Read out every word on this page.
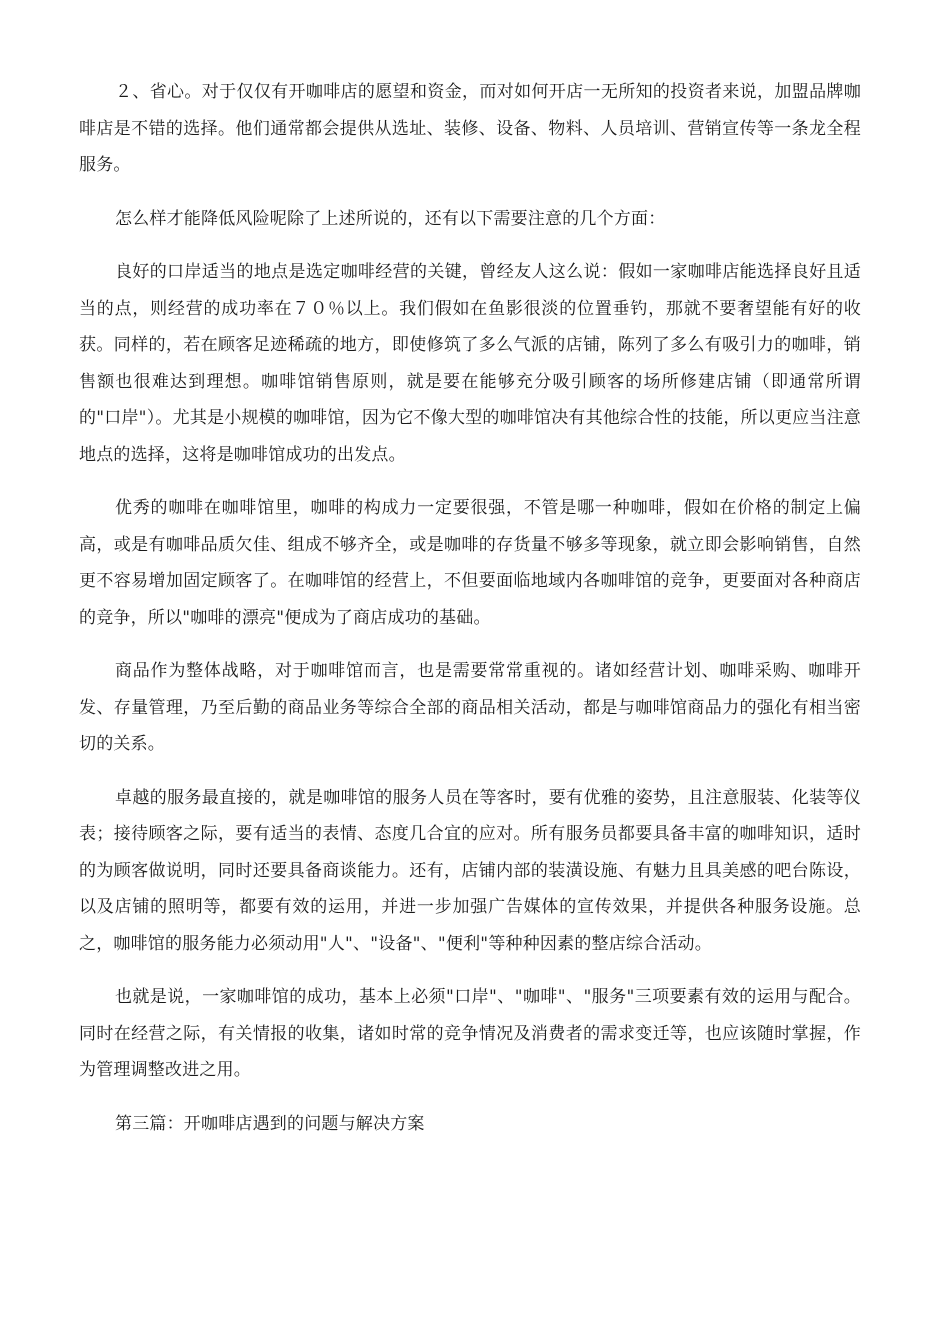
２、省心。对于仅仅有开咖啡店的愿望和资金，而对如何开店一无所知的投资者来说，加盟品牌咖啡店是不错的选择。他们通常都会提供从选址、装修、设备、物料、人员培训、营销宣传等一条龙全程服务。

怎么样才能降低风险呢除了上述所说的，还有以下需要注意的几个方面：

良好的口岸适当的地点是选定咖啡经营的关键，曾经友人这么说：假如一家咖啡店能选择良好且适当的点，则经营的成功率在７０％以上。我们假如在鱼影很淡的位置垂钓，那就不要奢望能有好的收获。同样的，若在顾客足迹稀疏的地方，即使修筑了多么气派的店铺，陈列了多么有吸引力的咖啡，销售额也很难达到理想。咖啡馆销售原则，就是要在能够充分吸引顾客的场所修建店铺（即通常所谓的"口岸"）。尤其是小规模的咖啡馆，因为它不像大型的咖啡馆决有其他综合性的技能，所以更应当注意地点的选择，这将是咖啡馆成功的出发点。

优秀的咖啡在咖啡馆里，咖啡的构成力一定要很强，不管是哪一种咖啡，假如在价格的制定上偏高，或是有咖啡品质欠佳、组成不够齐全，或是咖啡的存货量不够多等现象，就立即会影响销售，自然更不容易增加固定顾客了。在咖啡馆的经营上，不但要面临地域内各咖啡馆的竞争，更要面对各种商店的竞争，所以"咖啡的漂亮"便成为了商店成功的基础。

商品作为整体战略，对于咖啡馆而言，也是需要常常重视的。诸如经营计划、咖啡采购、咖啡开发、存量管理，乃至后勤的商品业务等综合全部的商品相关活动，都是与咖啡馆商品力的强化有相当密切的关系。

卓越的服务最直接的，就是咖啡馆的服务人员在等客时，要有优雅的姿势，且注意服装、化装等仪表；接待顾客之际，要有适当的表情、态度几合宜的应对。所有服务员都要具备丰富的咖啡知识，适时的为顾客做说明，同时还要具备商谈能力。还有，店铺内部的装潢设施、有魅力且具美感的吧台陈设，以及店铺的照明等，都要有效的运用，并进一步加强广告媒体的宣传效果，并提供各种服务设施。总之，咖啡馆的服务能力必须动用"人"、"设备"、"便利"等种种因素的整店综合活动。

也就是说，一家咖啡馆的成功，基本上必须"口岸"、"咖啡"、"服务"三项要素有效的运用与配合。同时在经营之际，有关情报的收集，诸如时常的竞争情况及消费者的需求变迁等，也应该随时掌握，作为管理调整改进之用。

第三篇：开咖啡店遇到的问题与解决方案
